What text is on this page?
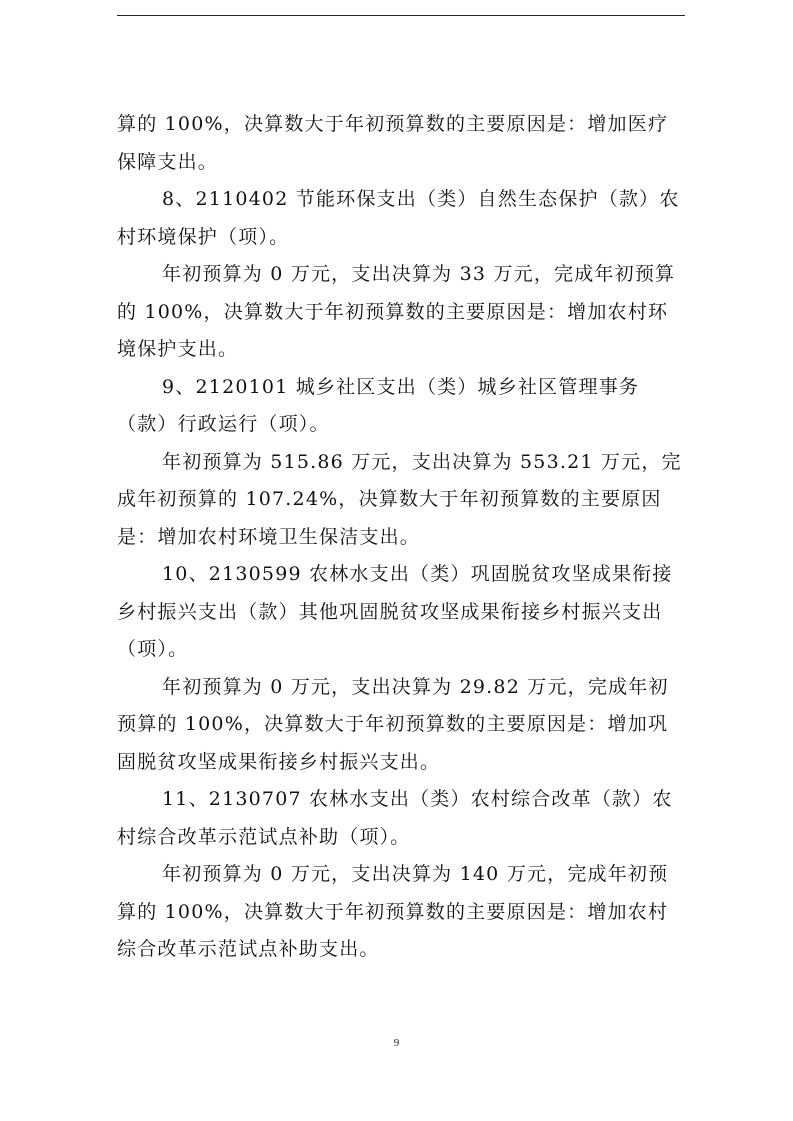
算的 100%，决算数大于年初预算数的主要原因是：增加医疗保障支出。

8、2110402 节能环保支出（类）自然生态保护（款）农村环境保护（项）。

年初预算为 0 万元，支出决算为 33 万元，完成年初预算的 100%，决算数大于年初预算数的主要原因是：增加农村环境保护支出。

9、2120101 城乡社区支出（类）城乡社区管理事务（款）行政运行（项）。

年初预算为 515.86 万元，支出决算为 553.21 万元，完成年初预算的 107.24%，决算数大于年初预算数的主要原因是：增加农村环境卫生保洁支出。

10、2130599 农林水支出（类）巩固脱贫攻坚成果衔接乡村振兴支出（款）其他巩固脱贫攻坚成果衔接乡村振兴支出（项）。

年初预算为 0 万元，支出决算为 29.82 万元，完成年初预算的 100%，决算数大于年初预算数的主要原因是：增加巩固脱贫攻坚成果衔接乡村振兴支出。

11、2130707 农林水支出（类）农村综合改革（款）农村综合改革示范试点补助（项）。

年初预算为 0 万元，支出决算为 140 万元，完成年初预算的 100%，决算数大于年初预算数的主要原因是：增加农村综合改革示范试点补助支出。

9
